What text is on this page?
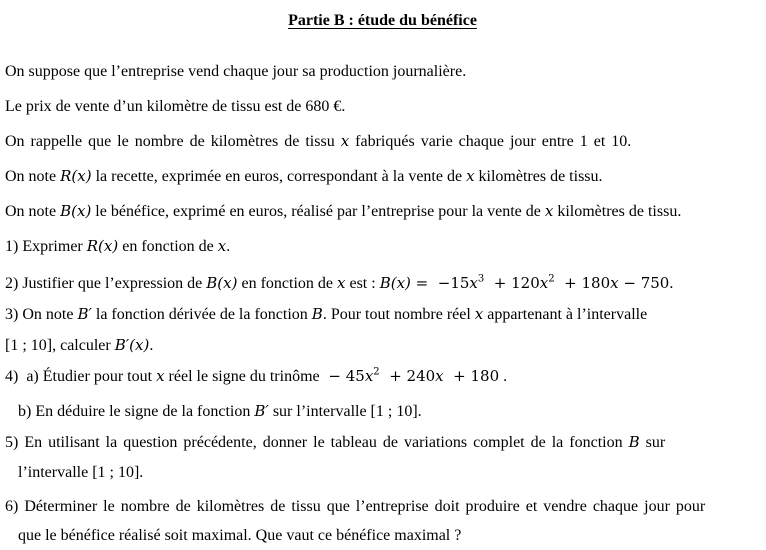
Partie B : étude du bénéfice
On suppose que l’entreprise vend chaque jour sa production journalière.
Le prix de vente d’un kilomètre de tissu est de 680 €.
On rappelle que le nombre de kilomètres de tissu x fabriqués varie chaque jour entre 1 et 10.
On note R(x) la recette, exprimée en euros, correspondant à la vente de x kilomètres de tissu.
On note B(x) le bénéfice, exprimé en euros, réalisé par l’entreprise pour la vente de x kilomètres de tissu.
1) Exprimer R(x) en fonction de x.
2) Justifier que l’expression de B(x) en fonction de x est : $B(x) = -15x^3 + 120x^2 + 180x - 750$.
3) On note B′ la fonction dérivée de la fonction B. Pour tout nombre réel x appartenant à l’intervalle
[1 ; 10], calculer B′(x).
4)  a) Étudier pour tout x réel le signe du trinôme  − $45x^2 + 240x + 180$ .
b) En déduire le signe de la fonction B′ sur l’intervalle [1 ; 10].
5) En utilisant la question précédente, donner le tableau de variations complet de la fonction B sur
l’intervalle [1 ; 10].
6) Déterminer le nombre de kilomètres de tissu que l’entreprise doit produire et vendre chaque jour pour
que le bénéfice réalisé soit maximal. Que vaut ce bénéfice maximal ?
